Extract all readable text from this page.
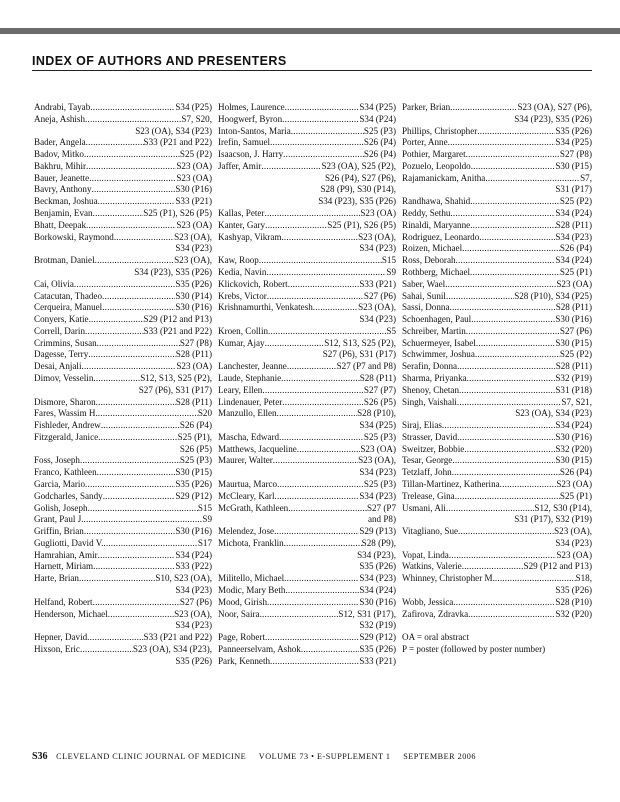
INDEX OF AUTHORS AND PRESENTERS
Andrabi, Tayab .....	S34 (P25)
Aneja, Ashish .....	S7, S20,
S23 (OA), S34 (P23)
Bader, Angela .....	S33 (P21 and P22)
Badov, Mitko .....	S25 (P2)
Bakhru, Mihir .....	S23 (OA)
Bauer, Jeanette .....	S23 (OA)
Bavry, Anthony .....	S30 (P16)
Beckman, Joshua .....	S33 (P21)
Benjamin, Evan .....	S25 (P1), S26 (P5)
Bhatt, Deepak .....	S23 (OA)
Borkowski, Raymond .....	S23 (OA),
S34 (P23)
Brotman, Daniel .....	S23 (OA),
S34 (P23), S35 (P26)
Cai, Olivia .....	S35 (P26)
Catacutan, Thadeo .....	S30 (P14)
Cerqueira, Manuel .....	S30 (P16)
Conyers, Katie .....	S29 (P12 and P13)
Correll, Darin .....	S33 (P21 and P22)
Crimmins, Susan .....	S27 (P8)
Dagesse, Terry .....	S28 (P11)
Desai, Anjali .....	S23 (OA)
Dimov, Vesselin .....	S12, S13, S25 (P2),
S27 (P6), S31 (P17)
Dismore, Sharon .....	S28 (P11)
Fares, Wassim H. .....	S20
Fishleder, Andrew .....	S26 (P4)
Fitzgerald, Janice .....	S25 (P1),
S26 (P5)
Foss, Joseph .....	S25 (P3)
Franco, Kathleen .....	S30 (P15)
Garcia, Mario .....	S35 (P26)
Godcharles, Sandy .....	S29 (P12)
Golish, Joseph .....	S15
Grant, Paul J. .....	S9
Griffin, Brian .....	S30 (P16)
Gugliotti, David V. .....	S17
Hamrahian, Amir .....	S34 (P24)
Harnett, Miriam .....	S33 (P22)
Harte, Brian .....	S10, S23 (OA),
S34 (P23)
Helfand, Robert .....	S27 (P6)
Henderson, Michael .....	S23 (OA),
S34 (P23)
Hepner, David .....	S33 (P21 and P22)
Hixson, Eric .....	S23 (OA), S34 (P23),
S35 (P26)
Holmes, Laurence .....	S34 (P25)
Hoogwerf, Byron .....	S34 (P24)
Inton-Santos, Maria .....	S25 (P3)
Irefin, Samuel .....	S26 (P4)
Isaacson, J. Harry .....	S26 (P4)
Jaffer, Amir .....	S23 (OA), S25 (P2),
S26 (P4), S27 (P6),
S28 (P9), S30 (P14),
S34 (P23), S35 (P26)
Kallas, Peter .....	S23 (OA)
Kanter, Gary .....	S25 (P1), S26 (P5)
Kashyap, Vikram .....	S23 (OA),
S34 (P23)
Kaw, Roop .....	S15
Kedia, Navin .....	S9
Klickovich, Robert .....	S33 (P21)
Krebs, Victor .....	S27 (P6)
Krishnamurthi, Venkatesh .....	S23 (OA),
S34 (P23)
Kroen, Collin .....	S5
Kumar, Ajay .....	S12, S13, S25 (P2),
S27 (P6), S31 (P17)
Lanchester, Jeanne .....	S27 (P7 and P8)
Laude, Stephanie .....	S28 (P11)
Leary, Ellen .....	S27 (P7)
Lindenauer, Peter .....	S26 (P5)
Manzullo, Ellen .....	S28 (P10),
S34 (P25)
Mascha, Edward .....	S25 (P3)
Matthews, Jacqueline .....	S23 (OA)
Maurer, Walter .....	S23 (OA),
S34 (P23)
Maurtua, Marco .....	S25 (P3)
McCleary, Karl .....	S34 (P23)
McGrath, Kathleen .....	S27 (P7
and P8)
Melendez, Jose .....	S29 (P13)
Michota, Franklin .....	S28 (P9),
S34 (P23),
S35 (P26)
Militello, Michael .....	S34 (P23)
Modic, Mary Beth .....	S34 (P24)
Mood, Girish .....	S30 (P16)
Noor, Saira .....	S12, S31 (P17),
S32 (P19)
Page, Robert .....	S29 (P12)
Panneerselvam, Ashok .....	S35 (P26)
Park, Kenneth .....	S33 (P21)
Parker, Brian .....	S23 (OA), S27 (P6),
S34 (P23), S35 (P26)
Phillips, Christopher .....	S35 (P26)
Porter, Anne .....	S34 (P25)
Pothier, Margaret .....	S27 (P8)
Pozuelo, Leopoldo .....	S30 (P15)
Rajamanickam, Anitha .....	S7,
S31 (P17)
Randhawa, Shahid .....	S25 (P2)
Reddy, Sethu .....	S34 (P24)
Rinaldi, Maryanne .....	S28 (P11)
Rodriguez, Leonardo .....	S34 (P23)
Roizen, Michael .....	S26 (P4)
Ross, Deborah .....	S34 (P24)
Rothberg, Michael .....	S25 (P1)
Saber, Wael .....	S23 (OA)
Sahai, Sunil .....	S28 (P10), S34 (P25)
Sassi, Donna .....	S28 (P11)
Schoenhagen, Paul .....	S30 (P16)
Schreiber, Martin .....	S27 (P6)
Schuermeyer, Isabel .....	S30 (P15)
Schwimmer, Joshua .....	S25 (P2)
Serafin, Donna .....	S28 (P11)
Sharma, Priyanka .....	S32 (P19)
Shenoy, Chetan .....	S31 (P18)
Singh, Vaishali .....	S7, S21,
S23 (OA), S34 (P23)
Siraj, Elias .....	S34 (P24)
Strasser, David .....	S30 (P16)
Sweitzer, Bobbie .....	S32 (P20)
Tesar, George .....	S30 (P15)
Tetzlaff, John .....	S26 (P4)
Tillan-Martinez, Katherina .....	S23 (OA)
Trelease, Gina .....	S25 (P1)
Usmani, Ali .....	S12, S30 (P14),
S31 (P17), S32 (P19)
Vitagliano, Sue .....	S23 (OA),
S34 (P23)
Vopat, Linda .....	S23 (OA)
Watkins, Valerie .....	S29 (P12 and P13)
Whinney, Christopher M. .....	S18,
S35 (P26)
Wobb, Jessica .....	S28 (P10)
Zafirova, Zdravka .....	S32 (P20)

OA = oral abstract

P = poster (followed by poster number)

S36 CLEVELAND CLINIC JOURNAL OF MEDICINE VOLUME 73 • E-SUPPLEMENT 1 SEPTEMBER 2006
